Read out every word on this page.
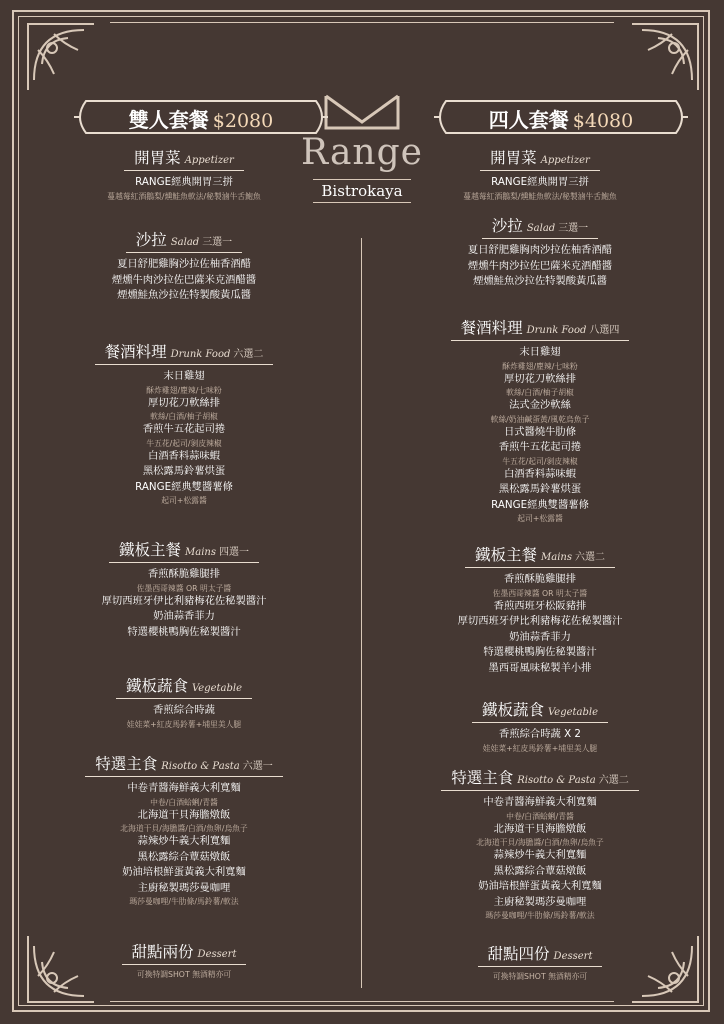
Range
Bistrokaya
雙人套餐 $2080
開胃菜 Appetizer
RANGE經典開胃三拼
蔓越莓紅酒鵝梨/燻鮭魚軟法/秘製滷牛舌鮑魚
沙拉 Salad 三選一
夏日舒肥雞胸沙拉佐柚香酒醋
煙燻牛肉沙拉佐巴薩米克酒醋醬
煙燻鮭魚沙拉佐特製酸黃瓜醬
餐酒料理 Drunk Food 六選二
末日雞翅
酥炸雞翅/塵辣/七味粉
厚切花刀軟絲排
軟絲/白酒/柚子胡椒
香煎牛五花起司捲
牛五花/起司/剝皮辣椒
白酒香料蒜味蝦
黑松露馬鈴薯烘蛋
RANGE經典雙醬薯條
起司+松露醬
鐵板主餐 Mains 四選一
香煎酥脆雞腿排
佐墨西哥辣醬 OR 明太子醬
厚切西班牙伊比利豬梅花佐秘製醬汁
奶油蒜香菲力
特選櫻桃鴨胸佐秘製醬汁
鐵板蔬食 Vegetable
香煎綜合時蔬
娃娃菜+紅皮馬鈴薯+埔里美人腿
特選主食 Risotto & Pasta 六選一
中卷青醬海鮮義大利寬麵
中卷/白酒蛤蜊/青醬
北海道干貝海膽燉飯
北海道干貝/海膽醬/白酒/魚卵/烏魚子
蒜辣炒牛義大利寬麵
黑松露綜合蕈菇燉飯
奶油培根鮮蛋黃義大利寬麵
主廚秘製瑪莎曼咖哩
瑪莎曼咖哩/牛肋條/馬鈴薯/軟法
甜點兩份 Dessert
可換特調SHOT 無酒精亦可
四人套餐 $4080
開胃菜 Appetizer
RANGE經典開胃三拼
蔓越莓紅酒鵝梨/燻鮭魚軟法/秘製滷牛舌鮑魚
沙拉 Salad 三選一
夏日舒肥雞胸肉沙拉佐柚香酒醋
煙燻牛肉沙拉佐巴薩米克酒醋醬
煙燻鮭魚沙拉佐特製酸黃瓜醬
餐酒料理 Drunk Food 八選四
末日雞翅
酥炸雞翅/塵辣/七味粉
厚切花刀軟絲排
軟絲/白酒/柚子胡椒
法式金沙軟絲
軟絲/奶油鹹蛋黃/風乾烏魚子
日式醬燒牛肋條
香煎牛五花起司捲
牛五花/起司/剝皮辣椒
白酒香料蒜味蝦
黑松露馬鈴薯烘蛋
RANGE經典雙醬薯條
起司+松露醬
鐵板主餐 Mains 六選二
香煎酥脆雞腿排
佐墨西哥辣醬 OR 明太子醬
香煎西班牙松阪豬排
厚切西班牙伊比利豬梅花佐秘製醬汁
奶油蒜香菲力
特選櫻桃鴨胸佐秘製醬汁
墨西哥風味秘製羊小排
鐵板蔬食 Vegetable
香煎綜合時蔬 X 2
娃娃菜+紅皮馬鈴薯+埔里美人腿
特選主食 Risotto & Pasta 六選二
中卷青醬海鮮義大利寬麵
中卷/白酒蛤蜊/青醬
北海道干貝海膽燉飯
北海道干貝/海膽醬/白酒/魚卵/烏魚子
蒜辣炒牛義大利寬麵
黑松露綜合蕈菇燉飯
奶油培根鮮蛋黃義大利寬麵
主廚秘製瑪莎曼咖哩
瑪莎曼咖哩/牛肋條/馬鈴薯/軟法
甜點四份 Dessert
可換特調SHOT 無酒精亦可
